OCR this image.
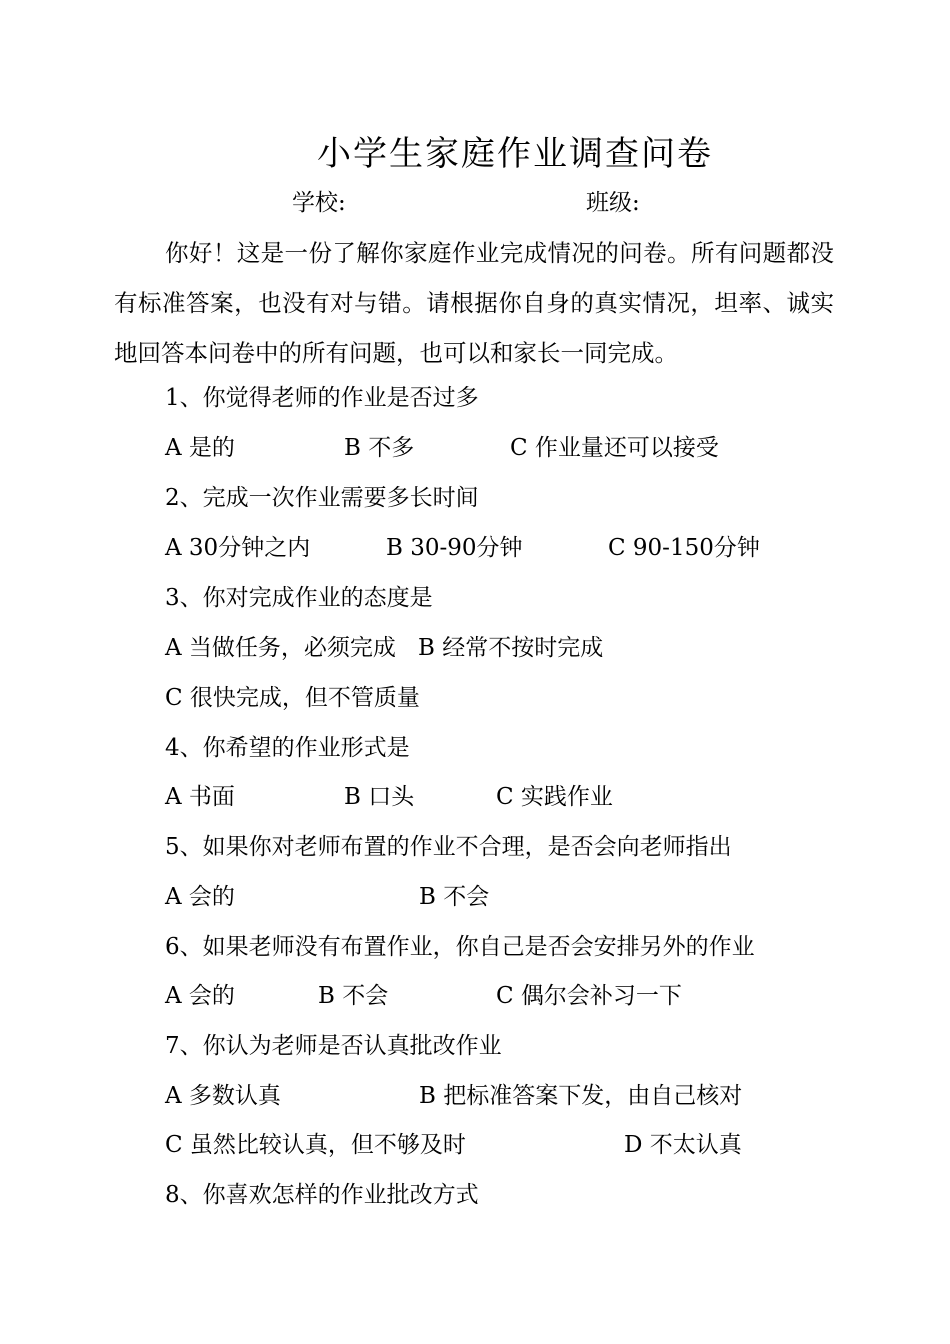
小学生家庭作业调查问卷
学校:	班级:
你好！这是一份了解你家庭作业完成情况的问卷。所有问题都没有标准答案，也没有对与错。请根据你自身的真实情况，坦率、诚实地回答本问卷中的所有问题，也可以和家长一同完成。
1、你觉得老师的作业是否过多
A 是的	B 不多	C 作业量还可以接受
2、完成一次作业需要多长时间
A 30分钟之内	B 30-90分钟	C 90-150分钟
3、你对完成作业的态度是
A 当做任务，必须完成 B 经常不按时完成
C 很快完成，但不管质量
4、你希望的作业形式是
A 书面	B 口头	C 实践作业
5、如果你对老师布置的作业不合理，是否会向老师指出
A 会的	B 不会
6、如果老师没有布置作业，你自己是否会安排另外的作业
A 会的	B 不会	C 偶尔会补习一下
7、你认为老师是否认真批改作业
A 多数认真	B 把标准答案下发，由自己核对
C 虽然比较认真，但不够及时	D 不太认真
8、你喜欢怎样的作业批改方式
